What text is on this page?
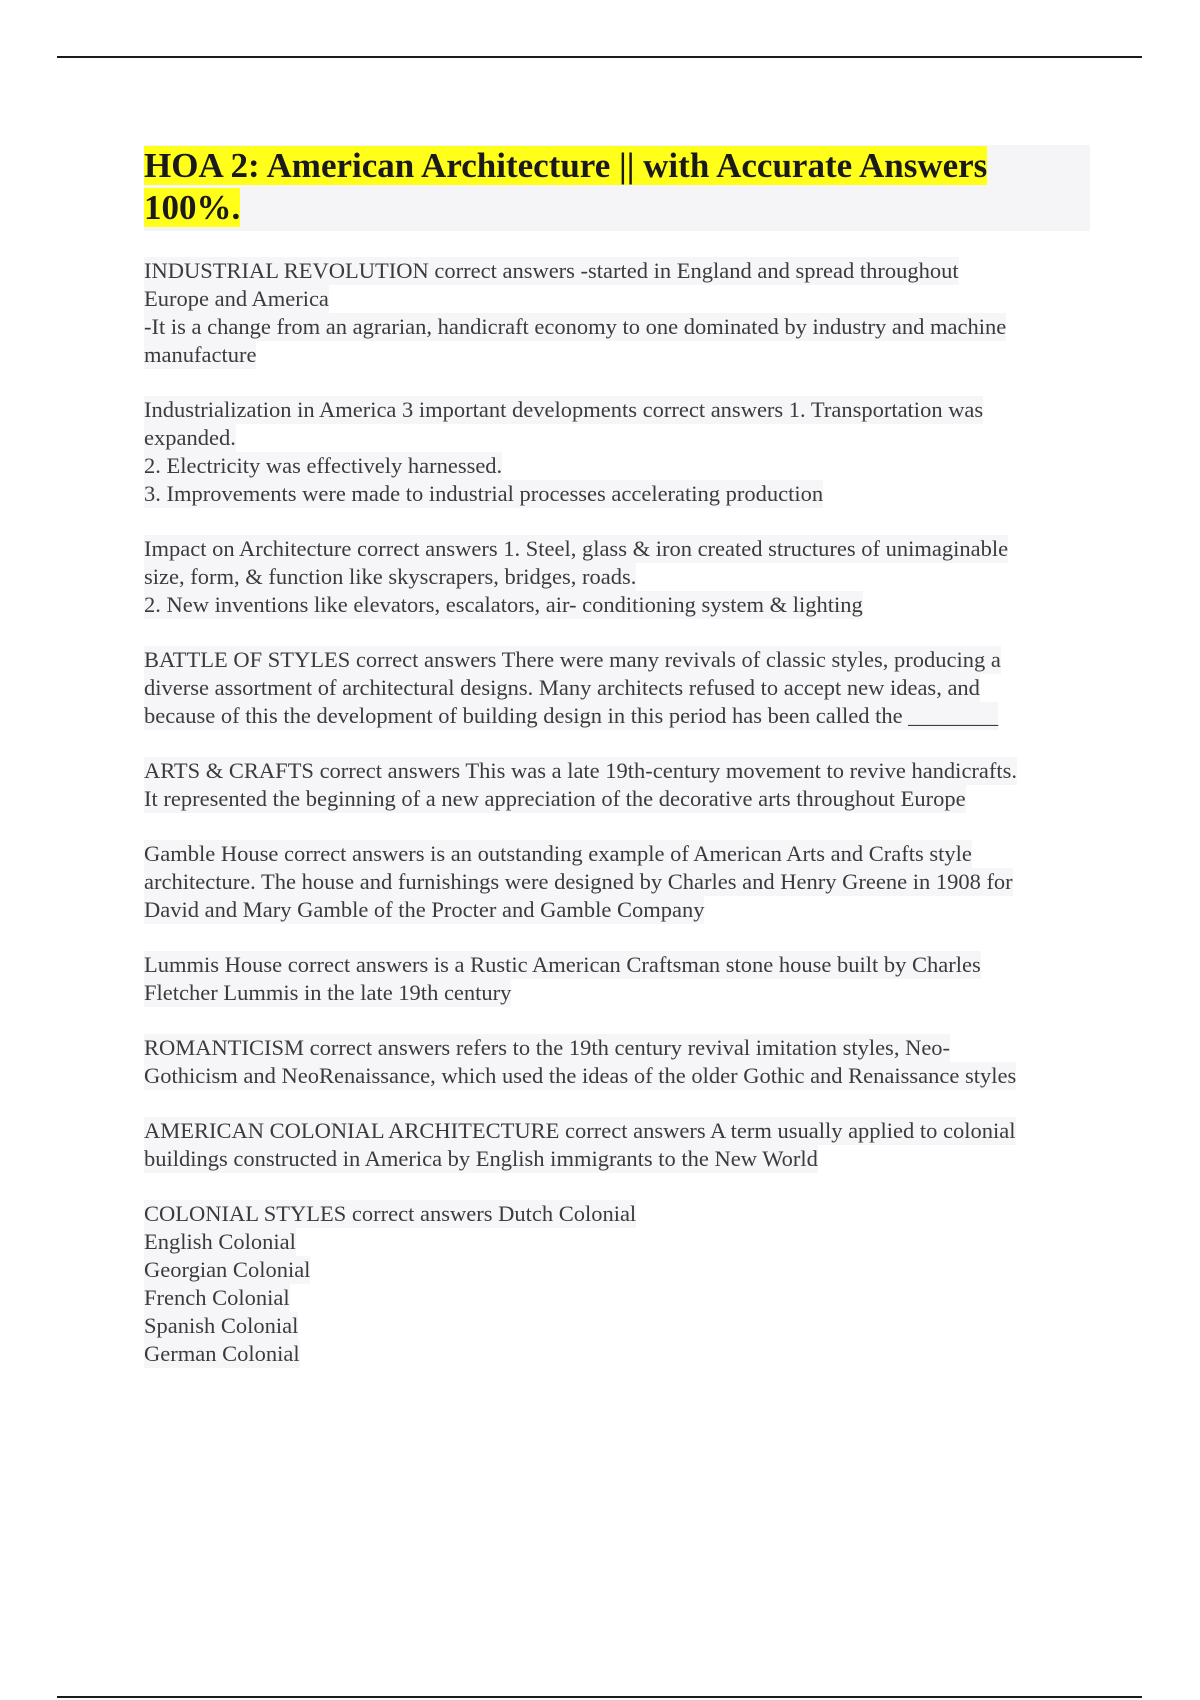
HOA 2: American Architecture || with Accurate Answers
100%.
INDUSTRIAL REVOLUTION correct answers -started in England and spread throughout
Europe and America
-It is a change from an agrarian, handicraft economy to one dominated by industry and machine
manufacture
Industrialization in America 3 important developments correct answers 1. Transportation was
expanded.
2. Electricity was effectively harnessed.
3. Improvements were made to industrial processes accelerating production
Impact on Architecture correct answers 1. Steel, glass & iron created structures of unimaginable
size, form, & function like skyscrapers, bridges, roads.
2. New inventions like elevators, escalators, air- conditioning system & lighting
BATTLE OF STYLES correct answers There were many revivals of classic styles, producing a
diverse assortment of architectural designs. Many architects refused to accept new ideas, and
because of this the development of building design in this period has been called the ________
ARTS & CRAFTS correct answers This was a late 19th-century movement to revive handicrafts.
It represented the beginning of a new appreciation of the decorative arts throughout Europe
Gamble House correct answers is an outstanding example of American Arts and Crafts style
architecture. The house and furnishings were designed by Charles and Henry Greene in 1908 for
David and Mary Gamble of the Procter and Gamble Company
Lummis House correct answers is a Rustic American Craftsman stone house built by Charles
Fletcher Lummis in the late 19th century
ROMANTICISM correct answers refers to the 19th century revival imitation styles, Neo-
Gothicism and NeoRenaissance, which used the ideas of the older Gothic and Renaissance styles
AMERICAN COLONIAL ARCHITECTURE correct answers A term usually applied to colonial
buildings constructed in America by English immigrants to the New World
COLONIAL STYLES correct answers Dutch Colonial
English Colonial
Georgian Colonial
French Colonial
Spanish Colonial
German Colonial
